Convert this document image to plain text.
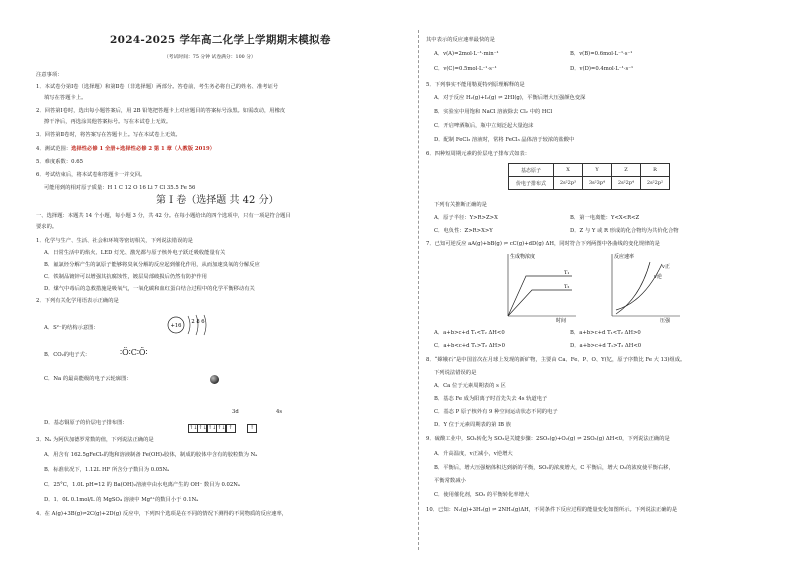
2024-2025 学年高二化学上学期期末模拟卷
（考试时间：75 分钟 试卷满分：100 分）
注意事项：
1．本试卷分第Ⅰ卷（选择题）和第Ⅱ卷（非选择题）两部分。答卷前，考生务必将自己的姓名、准考证号
填写在答题卡上。
2．回答第Ⅰ卷时，选出每小题答案后，用 2B 铅笔把答题卡上对应题目的答案标号涂黑。如需改动，用橡皮
擦干净后，再选涂其他答案标号。写在本试卷上无效。
3．回答第Ⅱ卷时，将答案写在答题卡上。写在本试卷上无效。
4．测试范围：选择性必修 1 全册+选择性必修 2 第 1 章（人教版 2019）
5．难度系数：0.65
6．考试结束后，将本试卷和答题卡一并交回。
可能用到的相对原子质量：H 1 C 12 O 16 Li 7 Cl 35.5 Fe 56
第 I 卷（选择题 共 42 分）
一、选择题：本题共 14 个小题，每小题 3 分，共 42 分。在每小题给出的四个选项中，只有一项是符合题目
要求的。
1．化学与生产、生活、社会和环境等密切相关，下列说法错误的是
A．日常生活中的焰火、LED 灯光、激光都与原子核外电子跃迁吸收能量有关
B．氟氯烃分解产生的氯原子能够将臭氧分解的反应起到催化作用，从而加速臭氧的分解反应
C．铁制品镀锌可以增强其抗腐蚀性，镀层局部破损后仍然有防护作用
D．煤气中毒后的急救措施是吸氧气，一氧化碳和血红蛋白结合过程中的化学平衡移动有关
2．下列有关化学用语表示正确的是
A．S²⁻的结构示意图：	+16
2 8 6
B．CO₂的电子式：	∶Ö∶C∶Ö∶
C．Na 的最高能级的电子云轮廓图：
3d	4s
D．基态铜原子的价层电子排布图：
↑↓↑↓↑↓↑↓ ↑	↑
3．Nₐ 为阿伏加德罗常数的值，下列说法正确的是
A．用含有 162.5gFeCl₃的饱和溶液制备 Fe(OH)₃胶体，制成的胶体中含有的胶粒数为 Nₐ
B．标准状况下，1.12L HF 所含分子数目为 0.05Nₐ
C．25°C，1.0L pH=12 的 Ba(OH)₂溶液中由水电离产生的 OH⁻ 数目为 0.02Nₐ
D．1．0L 0.1mol/L 的 MgSO₄ 溶液中 Mg²⁺的数目小于 0.1Nₐ
4．在 A(g)+3B(g)⇌2C(g)+2D(g) 反应中，下列四个选项是在不同的情况下测得的不同物质的反应速率，
其中表示的反应速率最快的是
A．v(A)=2mol·L⁻¹·min⁻¹	B．v(B)=0.6mol·L⁻¹·s⁻¹
C．v(C)=0.5mol·L⁻¹·s⁻¹	D．v(D)=0.4mol·L⁻¹·s⁻¹
5．下列事实不能用勒夏特列原理解释的是
A．对于反应 H₂(g)+I₂(g) ⇌ 2HI(g)，平衡后增大压强颜色变深
B．实验室中用饱和 NaCl 溶液除去 Cl₂ 中的 HCl
C．开启啤酒瓶后，瓶中立刻泛起大量泡沫
D．配制 FeCl₃ 溶液时，常将 FeCl₃ 晶体溶于较浓的盐酸中
6．四种短周期元素的价层电子排布式如表：
基态原子	X	Y	Z	R
价电子排布式	2s²2p³	3s²3p⁴	2s²2p⁴	2s²2p²
下列有关推断正确的是
A．原子半径：Y>R>Z>X	B．第一电离能：Y<X<R<Z
C．电负性：Z>R>X>Y	D．Z 与 Y 或 R 形成的化合物均为共价化合物
7．已知可逆反应 aA(g)+bB(g) ⇌ cC(g)+dD(g) ΔH，同时符合下列两图中各曲线的变化规律的是
生成物浓度
时间
T₁
T₂
反应速率
压强
v正
v逆
A．a+b>c+d T₁<T₂ ΔH<0	B．a+b>c+d T₁<T₂ ΔH>0
C．a+b<c+d T₁>T₂ ΔH>0	D．a+b>c+d T₁>T₂ ΔH<0
8．“嫦娥石”是中国首次在月球上发现的新矿物，主要由 Ca、Fe、P、O、Y(钇，原子序数比 Fe 大 13)组成。
下列说法错误的是
A．Ca 位于元素周期表的 s 区
B．基态 Fe 成为阳离子时首先失去 4s 轨道电子
C．基态 P 原子核外有 9 种空间运动状态不同的电子
D．Y 位于元素周期表的第 IB 族
9．硫酸工业中，SO₂转化为 SO₃是关键步骤：2SO₂(g)+O₂(g) ⇌ 2SO₃(g) ΔH<0，下列说法正确的是
A．升高温度，v正减小，v逆增大
B．平衡后，增大压强缩体积达到新的平衡，SO₂的浓度增大，C 平衡后，增大 O₂的浓度使平衡右移，
平衡常数减小
C．使用催化剂，SO₂ 的平衡转化率增大
10．已知：N₂(g)+3H₂(g) ⇌ 2NH₃(g)ΔH，不同条件下反应过程的能量变化如图所示。下列说法正确的是
